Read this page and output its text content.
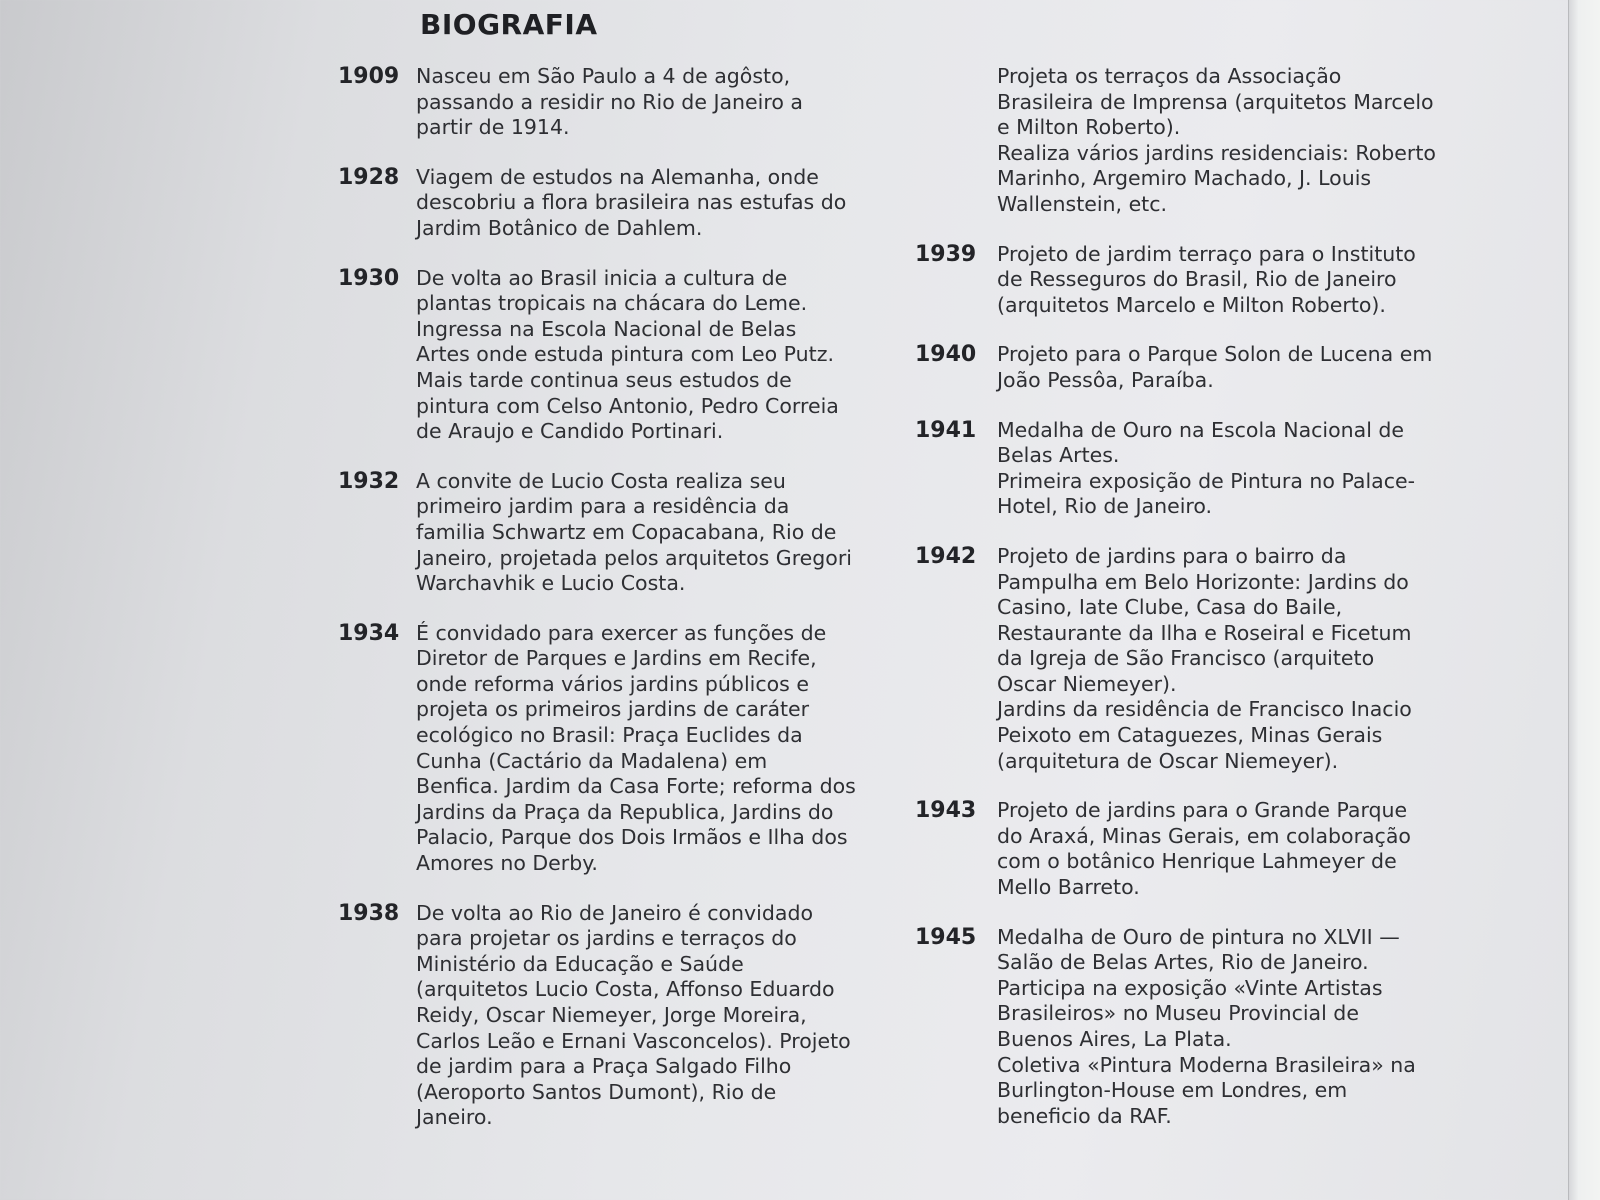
BIOGRAFIA
1909 Nasceu em São Paulo a 4 de agôsto, passando a residir no Rio de Janeiro a partir de 1914.
1928 Viagem de estudos na Alemanha, onde descobriu a flora brasileira nas estufas do Jardim Botânico de Dahlem.
1930 De volta ao Brasil inicia a cultura de plantas tropicais na chácara do Leme. Ingressa na Escola Nacional de Belas Artes onde estuda pintura com Leo Putz. Mais tarde continua seus estudos de pintura com Celso Antonio, Pedro Correia de Araujo e Candido Portinari.
1932 A convite de Lucio Costa realiza seu primeiro jardim para a residência da familia Schwartz em Copacabana, Rio de Janeiro, projetada pelos arquitetos Gregori Warchavhik e Lucio Costa.
1934 É convidado para exercer as funções de Diretor de Parques e Jardins em Recife, onde reforma vários jardins públicos e projeta os primeiros jardins de caráter ecológico no Brasil: Praça Euclides da Cunha (Cactário da Madalena) em Benfica. Jardim da Casa Forte; reforma dos Jardins da Praça da Republica, Jardins do Palacio, Parque dos Dois Irmãos e Ilha dos Amores no Derby.
1938 De volta ao Rio de Janeiro é convidado para projetar os jardins e terraços do Ministério da Educação e Saúde (arquitetos Lucio Costa, Affonso Eduardo Reidy, Oscar Niemeyer, Jorge Moreira, Carlos Leão e Ernani Vasconcelos). Projeto de jardim para a Praça Salgado Filho (Aeroporto Santos Dumont), Rio de Janeiro.
Projeta os terraços da Associação Brasileira de Imprensa (arquitetos Marcelo e Milton Roberto).
Realiza vários jardins residenciais: Roberto Marinho, Argemiro Machado, J. Louis Wallenstein, etc.
1939	Projeto de jardim terraço para o Instituto de Resseguros do Brasil, Rio de Janeiro (arquitetos Marcelo e Milton Roberto).
1940	Projeto para o Parque Solon de Lucena em João Pessôa, Paraíba.
1941	Medalha de Ouro na Escola Nacional de Belas Artes.
Primeira exposição de Pintura no Palace-Hotel, Rio de Janeiro.
1942	Projeto de jardins para o bairro da Pampulha em Belo Horizonte: Jardins do Casino, Iate Clube, Casa do Baile, Restaurante da Ilha e Roseiral e Ficetum da Igreja de São Francisco (arquiteto Oscar Niemeyer).
Jardins da residência de Francisco Inacio Peixoto em Cataguezes, Minas Gerais (arquitetura de Oscar Niemeyer).
1943	Projeto de jardins para o Grande Parque do Araxá, Minas Gerais, em colaboração com o botânico Henrique Lahmeyer de Mello Barreto.
1945	Medalha de Ouro de pintura no XLVII — Salão de Belas Artes, Rio de Janeiro.
Participa na exposição «Vinte Artistas Brasileiros» no Museu Provincial de Buenos Aires, La Plata.
Coletiva «Pintura Moderna Brasileira» na Burlington-House em Londres, em beneficio da RAF.
